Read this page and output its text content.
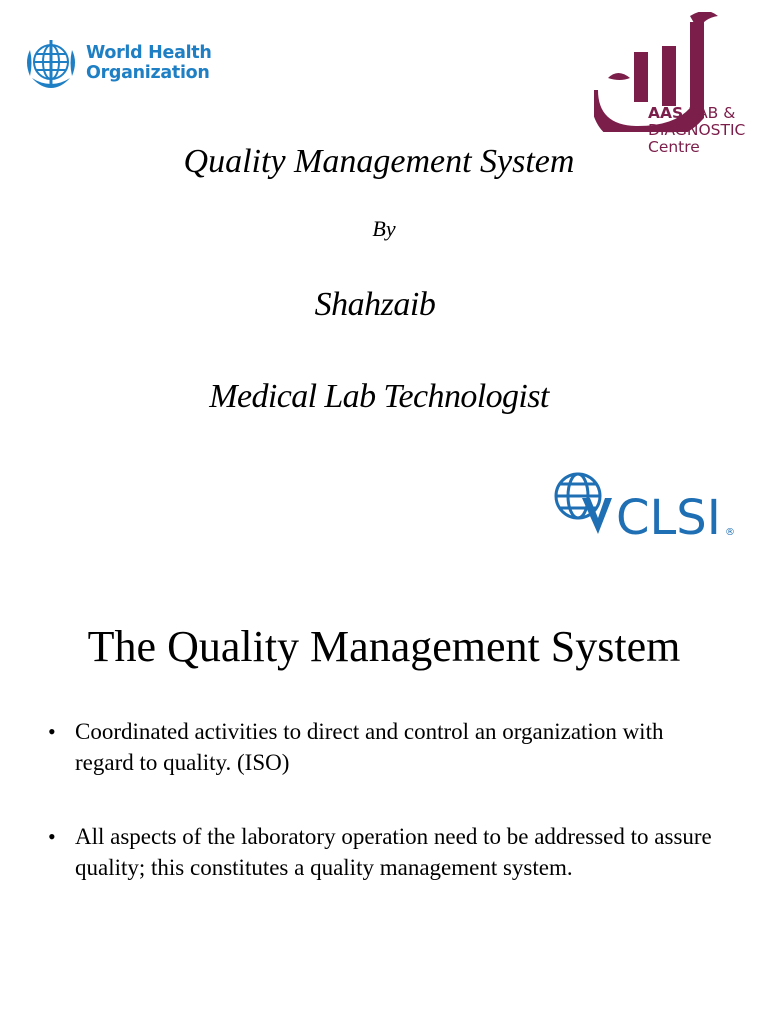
World Health
Organization
AAS LAB &
DIAGNOSTIC
Centre
Quality Management System
By
Shahzaib
Medical Lab Technologist
CLSI ®
The Quality Management System
• Coordinated activities to direct and control an organization with regard to quality. (ISO)
• All aspects of the laboratory operation need to be addressed to assure quality; this constitutes a quality management system.
